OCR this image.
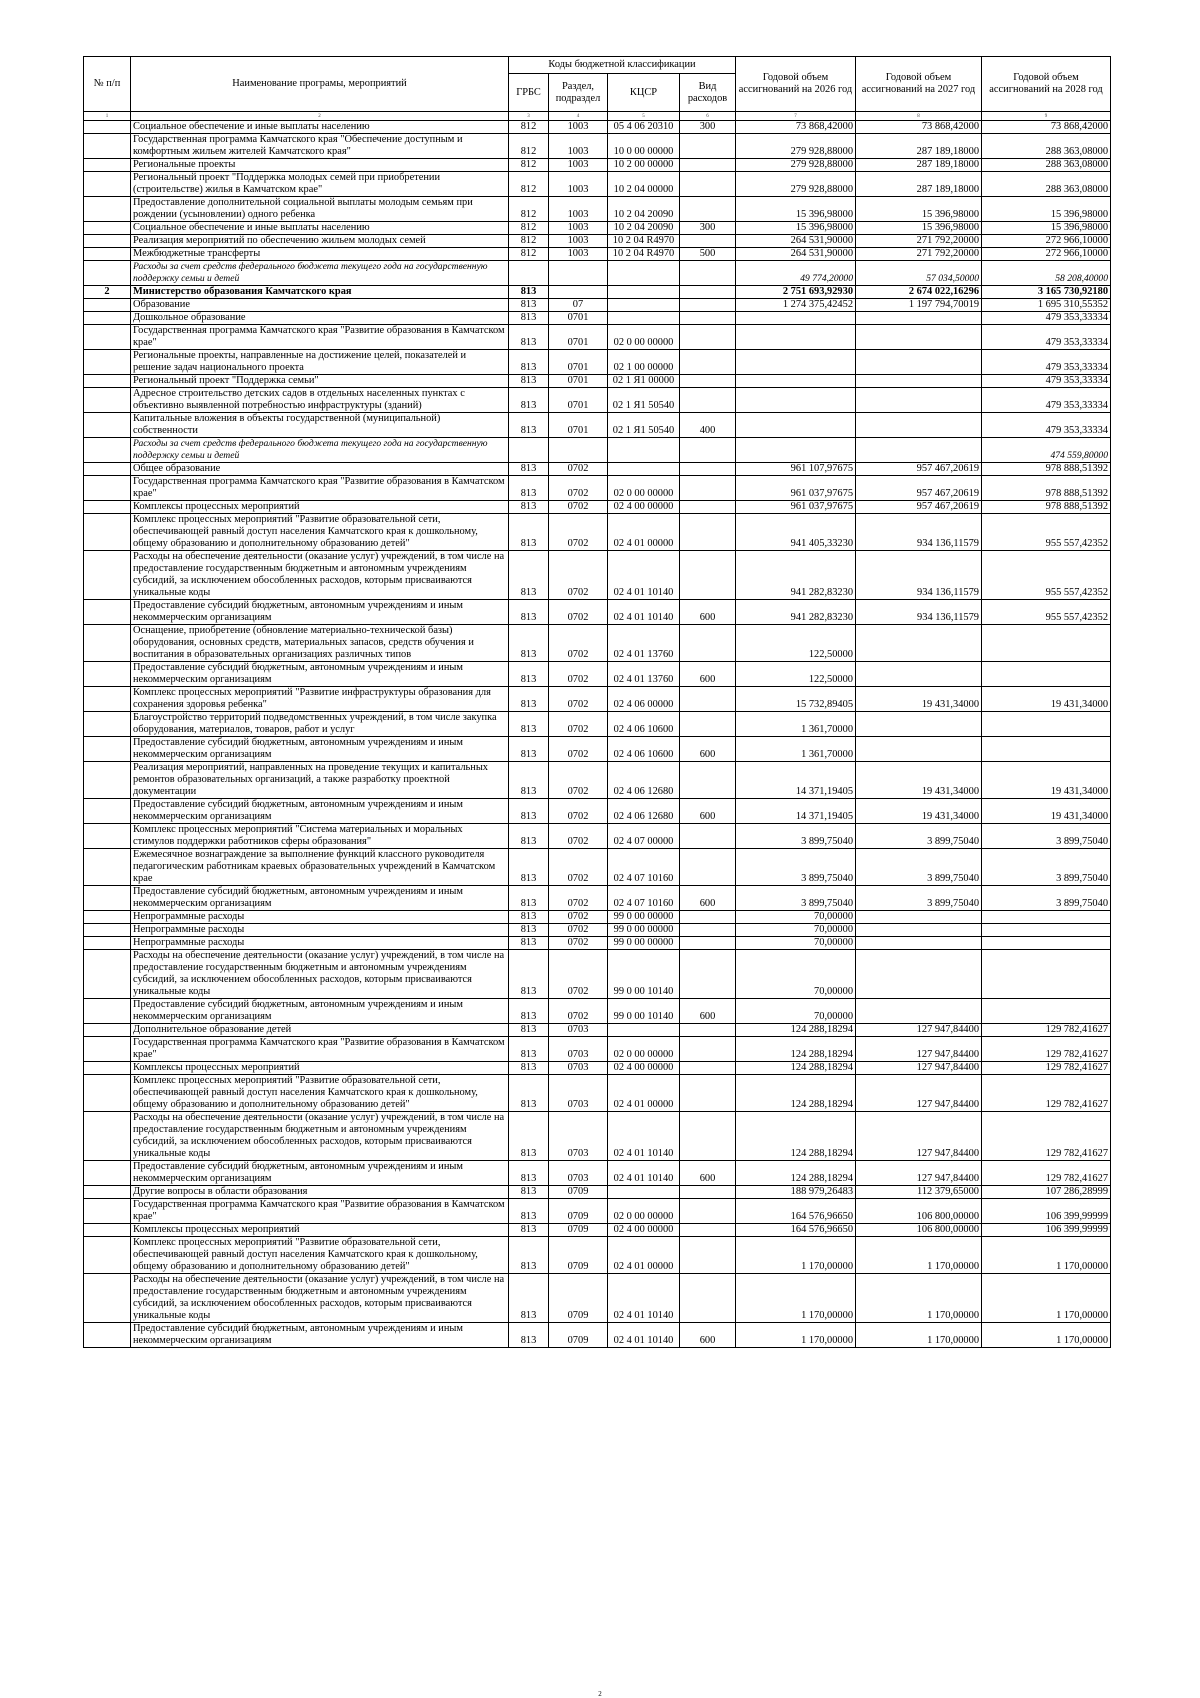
№ п/п	Наименование програмы, мероприятий	Коды бюджетной классификации				Годовой объем ассигнований на 2026 год	Годовой объем ассигнований на 2027 год	Годовой объем ассигнований на 2028 год
		ГРБС	Раздел, подраздел	КЦСР	Вид расходов			
1	2	3	4	5	6	7	8	9
	Социальное обеспечение и иные выплаты населению	812	1003	05 4 06 20310	300	73 868,42000	73 868,42000	73 868,42000
	Государственная программа Камчатского края "Обеспечение доступным и комфортным жильем жителей Камчатского края"	812	1003	10 0 00 00000		279 928,88000	287 189,18000	288 363,08000
	Региональные проекты	812	1003	10 2 00 00000		279 928,88000	287 189,18000	288 363,08000
	Региональный проект "Поддержка молодых семей при приобретении (строительстве) жилья в Камчатском крае"	812	1003	10 2 04 00000		279 928,88000	287 189,18000	288 363,08000
	Предоставление дополнительной социальной выплаты молодым семьям при рождении (усыновлении) одного ребенка	812	1003	10 2 04 20090		15 396,98000	15 396,98000	15 396,98000
	Социальное обеспечение и иные выплаты населению	812	1003	10 2 04 20090	300	15 396,98000	15 396,98000	15 396,98000
	Реализация мероприятий по обеспечению жильем молодых семей	812	1003	10 2 04 R4970		264 531,90000	271 792,20000	272 966,10000
	Межбюджетные трансферты	812	1003	10 2 04 R4970	500	264 531,90000	271 792,20000	272 966,10000
	Расходы за счет средств федерального бюджета текущего года на государственную поддержку семьи и детей					49 774,20000	57 034,50000	58 208,40000
2	Министерство образования Камчатского края	813				2 751 693,92930	2 674 022,16296	3 165 730,92180
	Образование	813	07			1 274 375,42452	1 197 794,70019	1 695 310,55352
	Дошкольное образование	813	0701					479 353,33334
	Государственная программа Камчатского края "Развитие образования в Камчатском крае"	813	0701	02 0 00 00000				479 353,33334
	Региональные проекты, направленные на достижение целей, показателей и решение задач национального проекта	813	0701	02 1 00 00000				479 353,33334
	Региональный проект "Поддержка семьи"	813	0701	02 1 Я1 00000				479 353,33334
	Адресное строительство детских садов в отдельных населенных пунктах с объективно выявленной потребностью инфраструктуры (зданий)	813	0701	02 1 Я1 50540				479 353,33334
	Капитальные вложения в объекты государственной (муниципальной) собственности	813	0701	02 1 Я1 50540	400			479 353,33334
	Расходы за счет средств федерального бюджета текущего года на государственную поддержку семьи и детей							474 559,80000
	Общее образование	813	0702			961 107,97675	957 467,20619	978 888,51392
	Государственная программа Камчатского края "Развитие образования в Камчатском крае"	813	0702	02 0 00 00000		961 037,97675	957 467,20619	978 888,51392
	Комплексы процессных мероприятий	813	0702	02 4 00 00000		961 037,97675	957 467,20619	978 888,51392
	Комплекс процессных мероприятий "Развитие образовательной сети, обеспечивающей равный доступ населения Камчатского края к дошкольному, общему образованию и дополнительному образованию детей"	813	0702	02 4 01 00000		941 405,33230	934 136,11579	955 557,42352
	Расходы на обеспечение деятельности (оказание услуг) учреждений, в том числе на предоставление государственным бюджетным и автономным учреждениям субсидий, за исключением обособленных расходов, которым присваиваются уникальные коды	813	0702	02 4 01 10140		941 282,83230	934 136,11579	955 557,42352
	Предоставление субсидий бюджетным, автономным учреждениям и иным некоммерческим организациям	813	0702	02 4 01 10140	600	941 282,83230	934 136,11579	955 557,42352
	Оснащение, приобретение (обновление материально-технической базы) оборудования, основных средств, материальных запасов, средств обучения и воспитания в образовательных организациях различных типов	813	0702	02 4 01 13760		122,50000		
	Предоставление субсидий бюджетным, автономным учреждениям и иным некоммерческим организациям	813	0702	02 4 01 13760	600	122,50000		
	Комплекс процессных мероприятий "Развитие инфраструктуры образования для сохранения здоровья ребенка"	813	0702	02 4 06 00000		15 732,89405	19 431,34000	19 431,34000
	Благоустройство территорий подведомственных учреждений, в том числе закупка оборудования, материалов, товаров, работ и услуг	813	0702	02 4 06 10600		1 361,70000		
	Предоставление субсидий бюджетным, автономным учреждениям и иным некоммерческим организациям	813	0702	02 4 06 10600	600	1 361,70000		
	Реализация мероприятий, направленных на проведение текущих и капитальных ремонтов образовательных организаций, а также разработку проектной документации	813	0702	02 4 06 12680		14 371,19405	19 431,34000	19 431,34000
	Предоставление субсидий бюджетным, автономным учреждениям и иным некоммерческим организациям	813	0702	02 4 06 12680	600	14 371,19405	19 431,34000	19 431,34000
	Комплекс процессных мероприятий "Система материальных и моральных стимулов поддержки работников сферы образования"	813	0702	02 4 07 00000		3 899,75040	3 899,75040	3 899,75040
	Ежемесячное вознаграждение за выполнение функций классного руководителя педагогическим работникам краевых образовательных учреждений в Камчатском крае	813	0702	02 4 07 10160		3 899,75040	3 899,75040	3 899,75040
	Предоставление субсидий бюджетным, автономным учреждениям и иным некоммерческим организациям	813	0702	02 4 07 10160	600	3 899,75040	3 899,75040	3 899,75040
	Непрограммные расходы	813	0702	99 0 00 00000		70,00000		
	Непрограммные расходы	813	0702	99 0 00 00000		70,00000		
	Непрограммные расходы	813	0702	99 0 00 00000		70,00000		
	Расходы на обеспечение деятельности (оказание услуг) учреждений, в том числе на предоставление государственным бюджетным и автономным учреждениям субсидий, за исключением обособленных расходов, которым присваиваются уникальные коды	813	0702	99 0 00 10140		70,00000		
	Предоставление субсидий бюджетным, автономным учреждениям и иным некоммерческим организациям	813	0702	99 0 00 10140	600	70,00000		
	Дополнительное образование детей	813	0703			124 288,18294	127 947,84400	129 782,41627
	Государственная программа Камчатского края "Развитие образования в Камчатском крае"	813	0703	02 0 00 00000		124 288,18294	127 947,84400	129 782,41627
	Комплексы процессных мероприятий	813	0703	02 4 00 00000		124 288,18294	127 947,84400	129 782,41627
	Комплекс процессных мероприятий "Развитие образовательной сети, обеспечивающей равный доступ населения Камчатского края к дошкольному, общему образованию и дополнительному образованию детей"	813	0703	02 4 01 00000		124 288,18294	127 947,84400	129 782,41627
	Расходы на обеспечение деятельности (оказание услуг) учреждений, в том числе на предоставление государственным бюджетным и автономным учреждениям субсидий, за исключением обособленных расходов, которым присваиваются уникальные коды	813	0703	02 4 01 10140		124 288,18294	127 947,84400	129 782,41627
	Предоставление субсидий бюджетным, автономным учреждениям и иным некоммерческим организациям	813	0703	02 4 01 10140	600	124 288,18294	127 947,84400	129 782,41627
	Другие вопросы в области образования	813	0709			188 979,26483	112 379,65000	107 286,28999
	Государственная программа Камчатского края "Развитие образования в Камчатском крае"	813	0709	02 0 00 00000		164 576,96650	106 800,00000	106 399,99999
	Комплексы процессных мероприятий	813	0709	02 4 00 00000		164 576,96650	106 800,00000	106 399,99999
	Комплекс процессных мероприятий "Развитие образовательной сети, обеспечивающей равный доступ населения Камчатского края к дошкольному, общему образованию и дополнительному образованию детей"	813	0709	02 4 01 00000		1 170,00000	1 170,00000	1 170,00000
	Расходы на обеспечение деятельности (оказание услуг) учреждений, в том числе на предоставление государственным бюджетным и автономным учреждениям субсидий, за исключением обособленных расходов, которым присваиваются уникальные коды	813	0709	02 4 01 10140		1 170,00000	1 170,00000	1 170,00000
	Предоставление субсидий бюджетным, автономным учреждениям и иным некоммерческим организациям	813	0709	02 4 01 10140	600	1 170,00000	1 170,00000	1 170,00000
2
